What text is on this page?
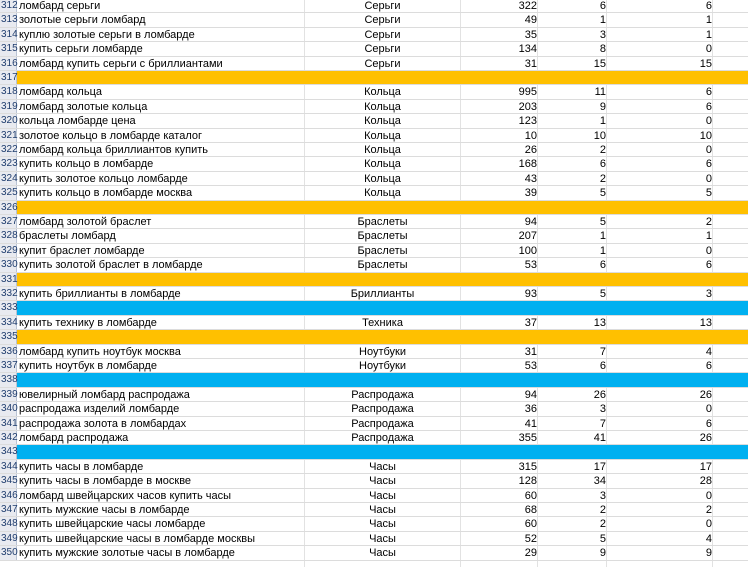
312 ломбард серьги	Серьги	322	6	6
313 золотые серьги ломбард	Серьги	49	1	1
314 куплю золотые серьги в ломбарде	Серьги	35	3	1
315 купить серьги ломбарде	Серьги	134	8	0
316 ломбард купить серьги с бриллиантами	Серьги	31	15	15
317
318 ломбард кольца	Кольца	995	11	6
319 ломбард золотые кольца	Кольца	203	9	6
320 кольца ломбарде цена	Кольца	123	1	0
321 золотое кольцо в ломбарде каталог	Кольца	10	10	10
322 ломбард кольца бриллиантов купить	Кольца	26	2	0
323 купить кольцо в ломбарде	Кольца	168	6	6
324 купить золотое кольцо ломбарде	Кольца	43	2	0
325 купить кольцо в ломбарде москва	Кольца	39	5	5
326
327 ломбард золотой браслет	Браслеты	94	5	2
328 браслеты ломбард	Браслеты	207	1	1
329 купит браслет ломбарде	Браслеты	100	1	0
330 купить золотой браслет в ломбарде	Браслеты	53	6	6
331
332 купить бриллианты в ломбарде	Бриллианты	93	5	3
333
334 купить технику в ломбарде	Техника	37	13	13
335
336 ломбард купить ноутбук москва	Ноутбуки	31	7	4
337 купить ноутбук в ломбарде	Ноутбуки	53	6	6
338
339 ювелирный ломбард распродажа	Распродажа	94	26	26
340 распродажа изделий ломбарде	Распродажа	36	3	0
341 распродажа золота в ломбардах	Распродажа	41	7	6
342 ломбард распродажа	Распродажа	355	41	26
343
344 купить часы в ломбарде	Часы	315	17	17
345 купить часы в ломбарде в москве	Часы	128	34	28
346 ломбард швейцарских часов купить часы	Часы	60	3	0
347 купить мужские часы в ломбарде	Часы	68	2	2
348 купить швейцарские часы ломбарде	Часы	60	2	0
349 купить швейцарские часы в ломбарде москвы	Часы	52	5	4
350 купить мужские золотые часы в ломбарде	Часы	29	9	9
